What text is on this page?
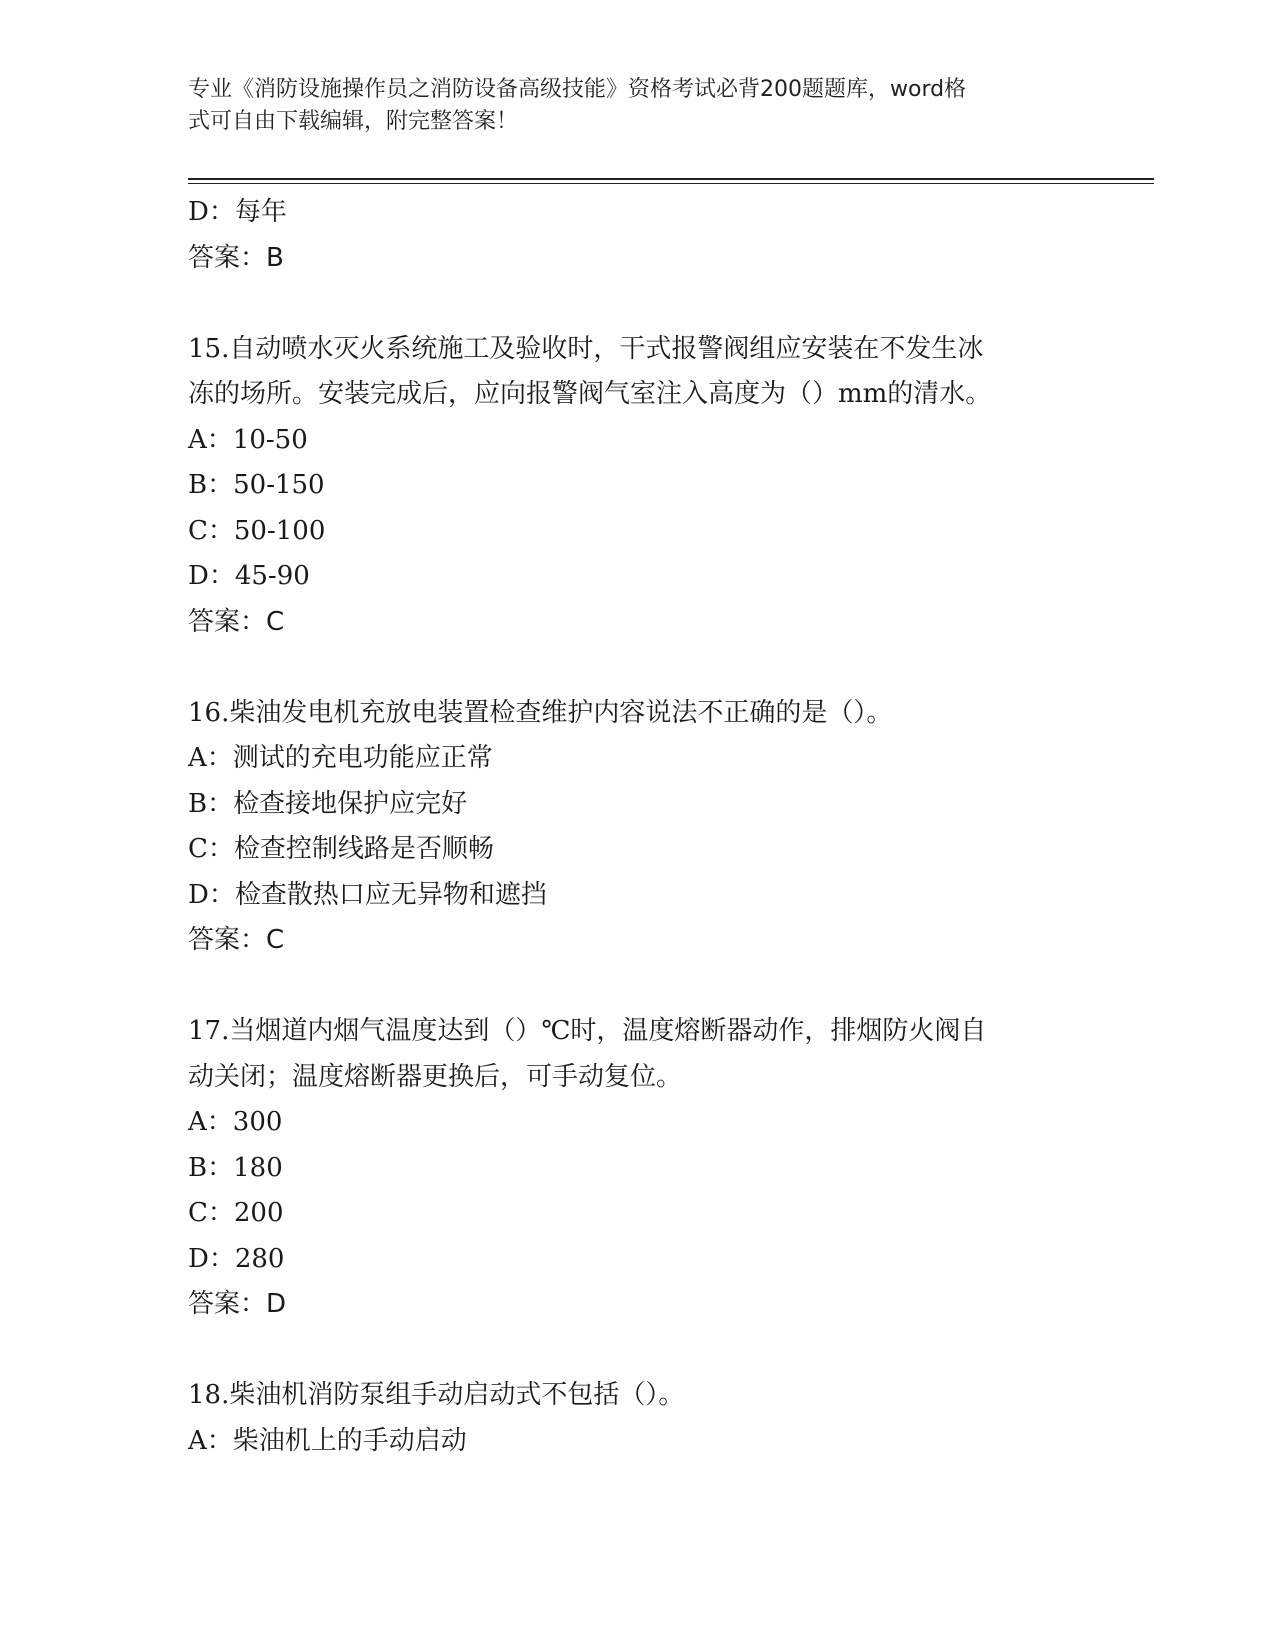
专业《消防设施操作员之消防设备高级技能》资格考试必背200题题库，word格
式可自由下载编辑，附完整答案！
D：每年
答案：B
15.自动喷水灭火系统施工及验收时，干式报警阀组应安装在不发生冰
冻的场所。安装完成后，应向报警阀气室注入高度为（）mm的清水。
A：10-50
B：50-150
C：50-100
D：45-90
答案：C
16.柴油发电机充放电装置检查维护内容说法不正确的是（）。
A：测试的充电功能应正常
B：检查接地保护应完好
C：检查控制线路是否顺畅
D：检查散热口应无异物和遮挡
答案：C
17.当烟道内烟气温度达到（）℃时，温度熔断器动作，排烟防火阀自
动关闭；温度熔断器更换后，可手动复位。
A：300
B：180
C：200
D：280
答案：D
18.柴油机消防泵组手动启动式不包括（）。
A：柴油机上的手动启动
